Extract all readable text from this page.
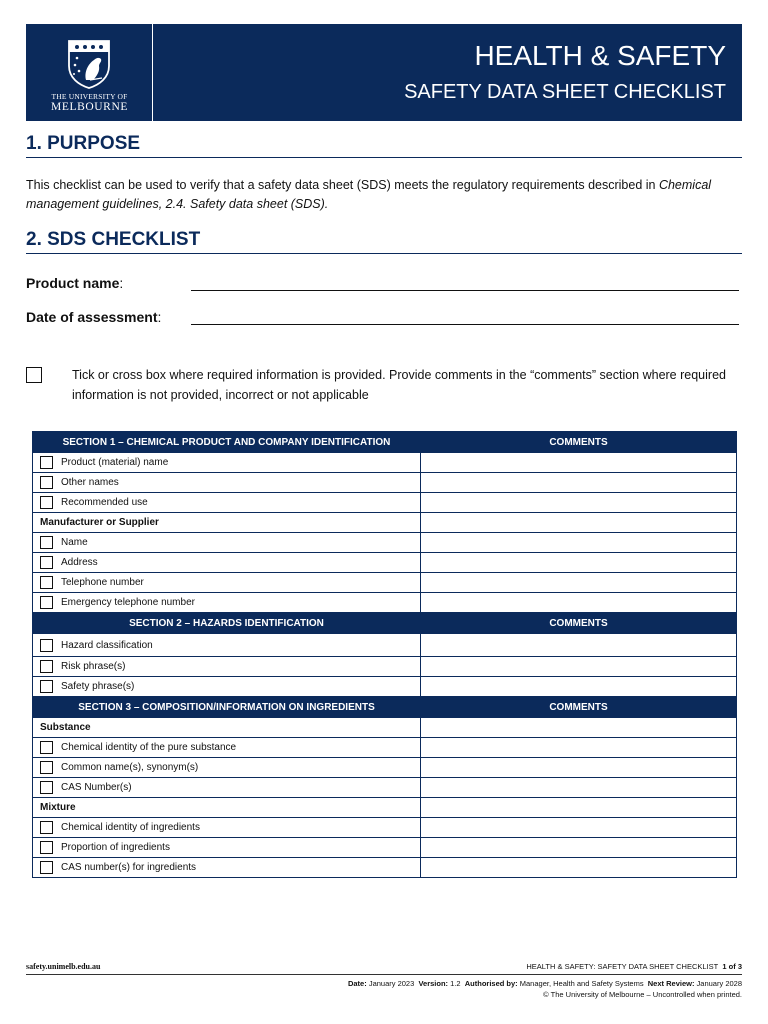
THE UNIVERSITY OF
MELBOURNE
HEALTH & SAFETY
SAFETY DATA SHEET CHECKLIST
1. PURPOSE
This checklist can be used to verify that a safety data sheet (SDS) meets the regulatory requirements described in Chemical management guidelines, 2.4. Safety data sheet (SDS).
2. SDS CHECKLIST
Product name:
Date of assessment:
Tick or cross box where required information is provided. Provide comments in the “comments” section where required information is not provided, incorrect or not applicable
SECTION 1 – CHEMICAL PRODUCT AND COMPANY IDENTIFICATION	COMMENTS
Product (material) name	
Other names	
Recommended use	
Manufacturer or Supplier	
Name	
Address	
Telephone number	
Emergency telephone number	
SECTION 2 – HAZARDS IDENTIFICATION	COMMENTS
Hazard classification	
Risk phrase(s)	
Safety phrase(s)	
SECTION 3 – COMPOSITION/INFORMATION ON INGREDIENTS	COMMENTS
Substance	
Chemical identity of the pure substance	
Common name(s), synonym(s)	
CAS Number(s)	
Mixture	
Chemical identity of ingredients	
Proportion of ingredients	
CAS number(s) for ingredients	
safety.unimelb.edu.au	HEALTH & SAFETY: SAFETY DATA SHEET CHECKLIST 1 of 3
Date: January 2023 Version: 1.2 Authorised by: Manager, Health and Safety Systems Next Review: January 2028
© The University of Melbourne – Uncontrolled when printed.
